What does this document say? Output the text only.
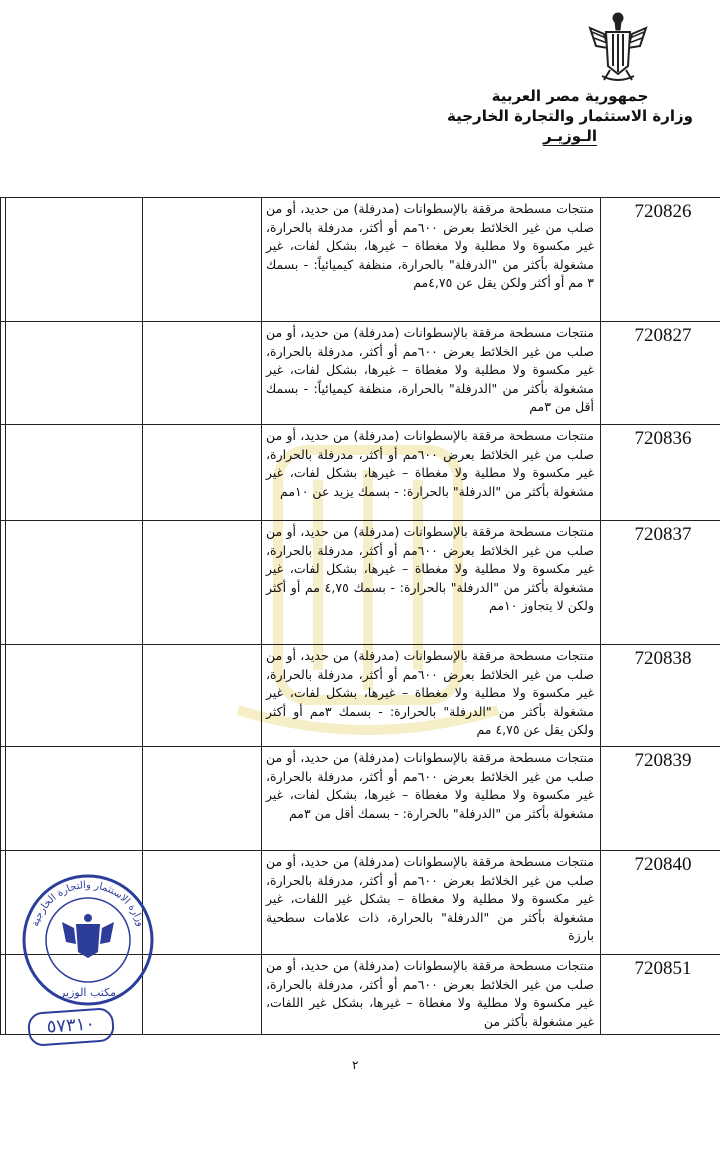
جمهورية مصر العربية
وزارة الاستثمار والتجارة الخارجية
الـوزيـر
720826	منتجات مسطحة مرققة بالإسطوانات (مدرفلة) من حديد، أو من صلب من غير الخلائط بعرض ٦٠٠مم أو أكثر، مدرفلة بالحرارة، غير مكسوة ولا مطلية ولا مغطاة – غيرها، بشكل لفات، غير مشغولة بأكثر من "الدرفلة" بالحرارة، منظفة كيميائياً: - بسمك ٣ مم أو أكثر ولكن يقل عن ٤,٧٥مم			
720827	منتجات مسطحة مرققة بالإسطوانات (مدرفلة) من حديد، أو من صلب من غير الخلائط بعرض ٦٠٠مم أو أكثر، مدرفلة بالحرارة، غير مكسوة ولا مطلية ولا مغطاة – غيرها، بشكل لفات، غير مشغولة بأكثر من "الدرفلة" بالحرارة، منظفة كيميائياً: - بسمك أقل من ٣مم			
720836	منتجات مسطحة مرققة بالإسطوانات (مدرفلة) من حديد، أو من صلب من غير الخلائط بعرض ٦٠٠مم أو أكثر، مدرفلة بالحرارة، غير مكسوة ولا مطلية ولا مغطاة – غيرها، بشكل لفات، غير مشغولة بأكثر من "الدرفلة" بالحرارة: - بسمك يزيد عن ١٠مم			
720837	منتجات مسطحة مرققة بالإسطوانات (مدرفلة) من حديد، أو من صلب من غير الخلائط بعرض ٦٠٠مم أو أكثر، مدرفلة بالحرارة، غير مكسوة ولا مطلية ولا مغطاة – غيرها، بشكل لفات، غير مشغولة بأكثر من "الدرفلة" بالحرارة: - بسمك ٤,٧٥ مم أو أكثر ولكن لا يتجاوز ١٠مم			
720838	منتجات مسطحة مرققة بالإسطوانات (مدرفلة) من حديد، أو من صلب من غير الخلائط بعرض ٦٠٠مم أو أكثر، مدرفلة بالحرارة، غير مكسوة ولا مطلية ولا مغطاة – غيرها، بشكل لفات، غير مشغولة بأكثر من "الدرفلة" بالحرارة: - بسمك ٣مم أو أكثر ولكن يقل عن ٤,٧٥ مم			
720839	منتجات مسطحة مرققة بالإسطوانات (مدرفلة) من حديد، أو من صلب من غير الخلائط بعرض ٦٠٠مم أو أكثر، مدرفلة بالحرارة، غير مكسوة ولا مطلية ولا مغطاة – غيرها، بشكل لفات، غير مشغولة بأكثر من "الدرفلة" بالحرارة: - بسمك أقل من ٣مم			
720840	منتجات مسطحة مرققة بالإسطوانات (مدرفلة) من حديد، أو من صلب من غير الخلائط بعرض ٦٠٠مم أو أكثر، مدرفلة بالحرارة، غير مكسوة ولا مطلية ولا مغطاة – بشكل غير اللفات، غير مشغولة بأكثر من "الدرفلة" بالحرارة، ذات علامات سطحية بارزة			
720851	منتجات مسطحة مرققة بالإسطوانات (مدرفلة) من حديد، أو من صلب من غير الخلائط بعرض ٦٠٠مم أو أكثر، مدرفلة بالحرارة، غير مكسوة ولا مطلية ولا مغطاة – غيرها، بشكل غير اللفات، غير مشغولة بأكثر من			
وزارة الاستثمار والتجارة الخارجية
مكتب الوزير
٥٧٣١٠
٢
